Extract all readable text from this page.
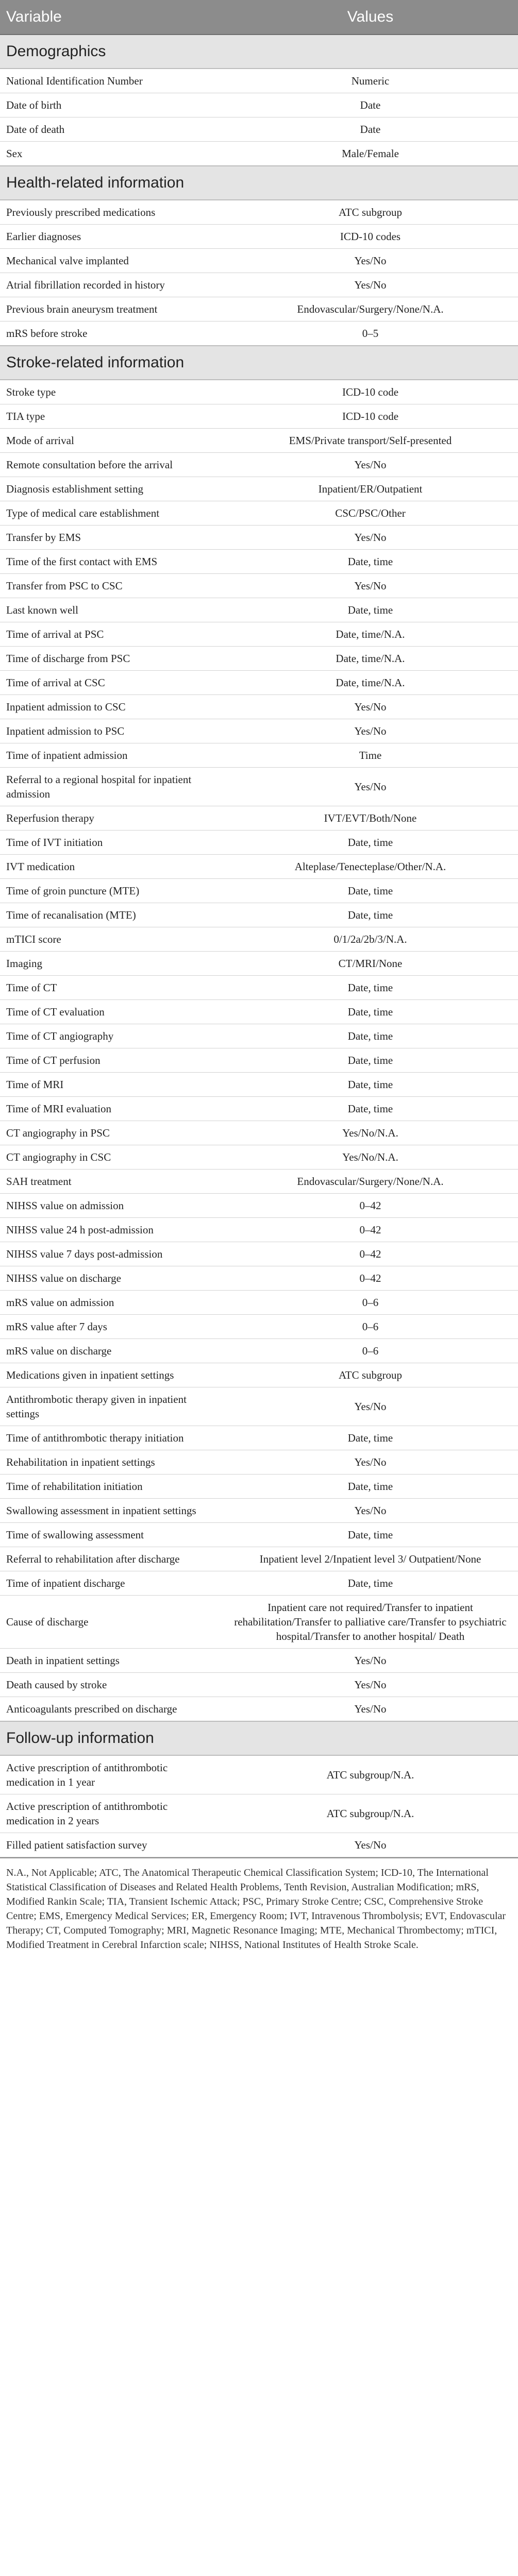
Variable	Values
Demographics	
National Identification Number	Numeric
Date of birth	Date
Date of death	Date
Sex	Male/Female
Health-related information	
Previously prescribed medications	ATC subgroup
Earlier diagnoses	ICD-10 codes
Mechanical valve implanted	Yes/No
Atrial fibrillation recorded in history	Yes/No
Previous brain aneurysm treatment	Endovascular/Surgery/None/N.A.
mRS before stroke	0–5
Stroke-related information	
Stroke type	ICD-10 code
TIA type	ICD-10 code
Mode of arrival	EMS/Private transport/Self-presented
Remote consultation before the arrival	Yes/No
Diagnosis establishment setting	Inpatient/ER/Outpatient
Type of medical care establishment	CSC/PSC/Other
Transfer by EMS	Yes/No
Time of the first contact with EMS	Date, time
Transfer from PSC to CSC	Yes/No
Last known well	Date, time
Time of arrival at PSC	Date, time/N.A.
Time of discharge from PSC	Date, time/N.A.
Time of arrival at CSC	Date, time/N.A.
Inpatient admission to CSC	Yes/No
Inpatient admission to PSC	Yes/No
Time of inpatient admission	Time
Referral to a regional hospital for inpatient admission	Yes/No
Reperfusion therapy	IVT/EVT/Both/None
Time of IVT initiation	Date, time
IVT medication	Alteplase/Tenecteplase/Other/N.A.
Time of groin puncture (MTE)	Date, time
Time of recanalisation (MTE)	Date, time
mTICI score	0/1/2a/2b/3/N.A.
Imaging	CT/MRI/None
Time of CT	Date, time
Time of CT evaluation	Date, time
Time of CT angiography	Date, time
Time of CT perfusion	Date, time
Time of MRI	Date, time
Time of MRI evaluation	Date, time
CT angiography in PSC	Yes/No/N.A.
CT angiography in CSC	Yes/No/N.A.
SAH treatment	Endovascular/Surgery/None/N.A.
NIHSS value on admission	0–42
NIHSS value 24 h post-admission	0–42
NIHSS value 7 days post-admission	0–42
NIHSS value on discharge	0–42
mRS value on admission	0–6
mRS value after 7 days	0–6
mRS value on discharge	0–6
Medications given in inpatient settings	ATC subgroup
Antithrombotic therapy given in inpatient settings	Yes/No
Time of antithrombotic therapy initiation	Date, time
Rehabilitation in inpatient settings	Yes/No
Time of rehabilitation initiation	Date, time
Swallowing assessment in inpatient settings	Yes/No
Time of swallowing assessment	Date, time
Referral to rehabilitation after discharge	Inpatient level 2/Inpatient level 3/ Outpatient/None
Time of inpatient discharge	Date, time
Cause of discharge	Inpatient care not required/Transfer to inpatient rehabilitation/Transfer to palliative care/Transfer to psychiatric hospital/Transfer to another hospital/ Death
Death in inpatient settings	Yes/No
Death caused by stroke	Yes/No
Anticoagulants prescribed on discharge	Yes/No
Follow-up information	
Active prescription of antithrombotic medication in 1 year	ATC subgroup/N.A.
Active prescription of antithrombotic medication in 2 years	ATC subgroup/N.A.
Filled patient satisfaction survey	Yes/No
N.A., Not Applicable; ATC, The Anatomical Therapeutic Chemical Classification System; ICD-10, The International Statistical Classification of Diseases and Related Health Problems, Tenth Revision, Australian Modification; mRS, Modified Rankin Scale; TIA, Transient Ischemic Attack; PSC, Primary Stroke Centre; CSC, Comprehensive Stroke Centre; EMS, Emergency Medical Services; ER, Emergency Room; IVT, Intravenous Thrombolysis; EVT, Endovascular Therapy; CT, Computed Tomography; MRI, Magnetic Resonance Imaging; MTE, Mechanical Thrombectomy; mTICI, Modified Treatment in Cerebral Infarction scale; NIHSS, National Institutes of Health Stroke Scale.
